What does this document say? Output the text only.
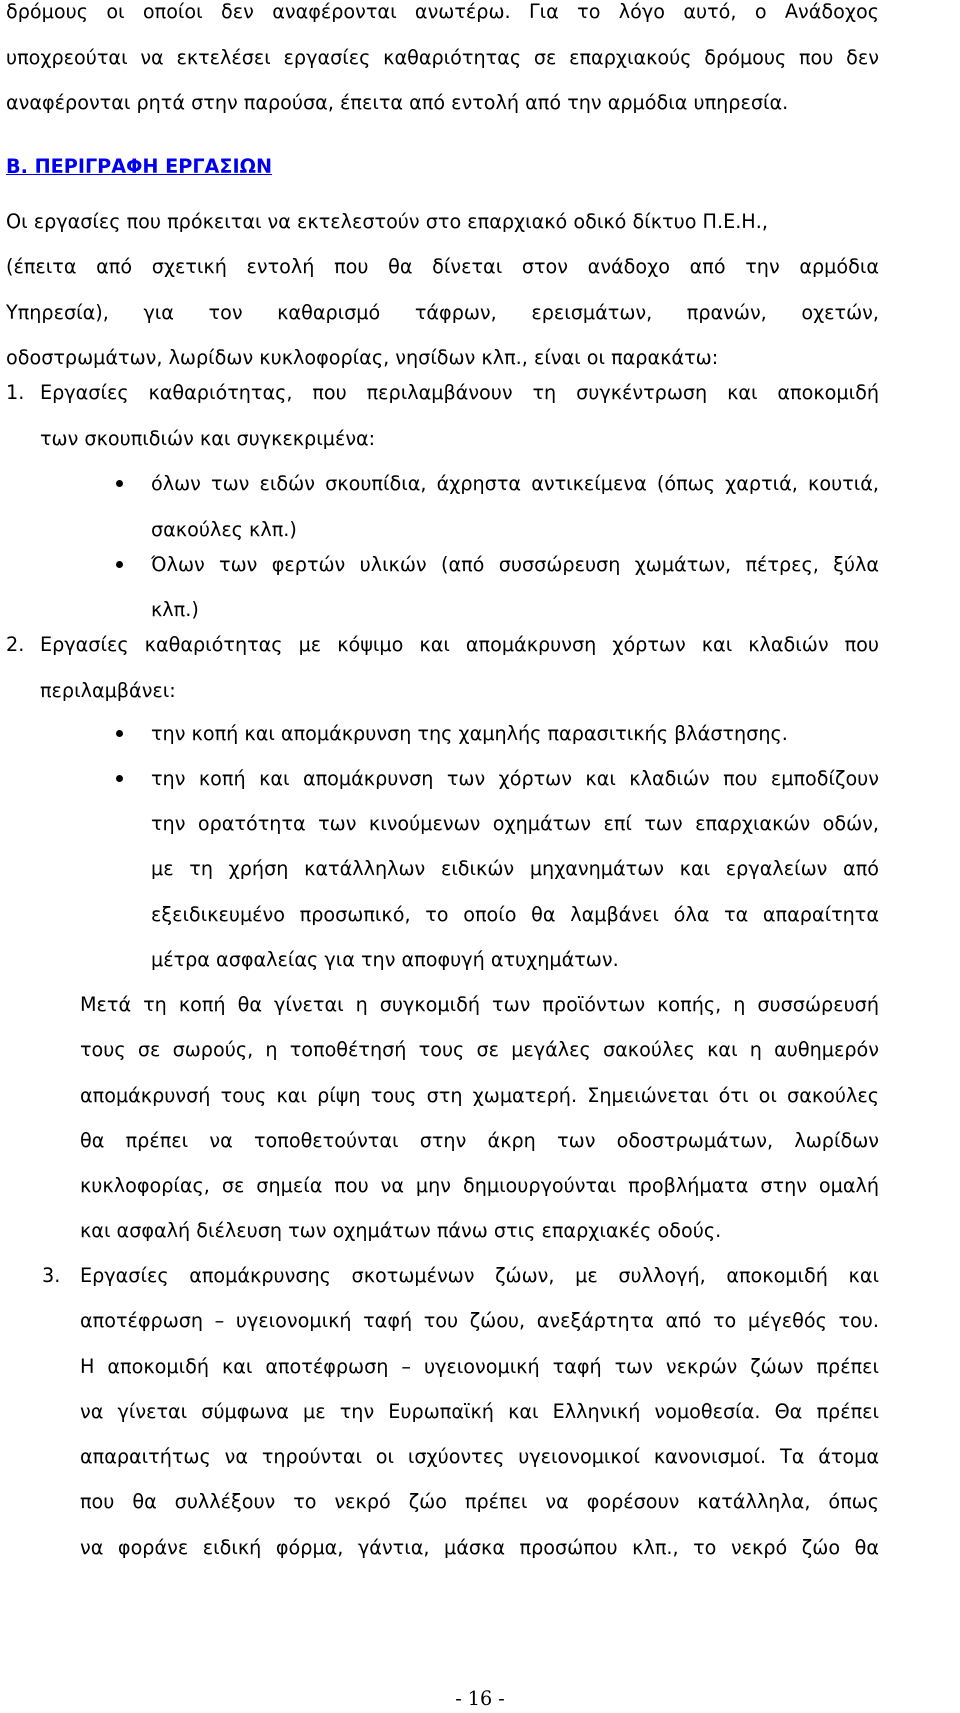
δρόμους οι οποίοι δεν αναφέρονται ανωτέρω. Για το λόγο αυτό, ο Ανάδοχος
υποχρεούται να εκτελέσει εργασίες καθαριότητας σε επαρχιακούς δρόμους που δεν
αναφέρονται ρητά στην παρούσα, έπειτα από εντολή από την αρμόδια υπηρεσία.
Β. ΠΕΡΙΓΡΑΦΗ ΕΡΓΑΣΙΩΝ
Οι εργασίες που πρόκειται να εκτελεστούν στο επαρχιακό οδικό δίκτυο Π.Ε.Η.,
(έπειτα από σχετική εντολή που θα δίνεται στον ανάδοχο από την αρμόδια
Υπηρεσία), για τον καθαρισμό τάφρων, ερεισμάτων, πρανών, οχετών,
οδοστρωμάτων, λωρίδων κυκλοφορίας, νησίδων κλπ., είναι οι παρακάτω:
1. Εργασίες καθαριότητας, που περιλαμβάνουν τη συγκέντρωση και αποκομιδή
των σκουπιδιών και συγκεκριμένα:
όλων των ειδών σκουπίδια, άχρηστα αντικείμενα (όπως χαρτιά, κουτιά,
σακούλες κλπ.)
Όλων των φερτών υλικών (από συσσώρευση χωμάτων, πέτρες, ξύλα
κλπ.)
2. Εργασίες καθαριότητας με κόψιμο και απομάκρυνση χόρτων και κλαδιών που
περιλαμβάνει:
την κοπή και απομάκρυνση της χαμηλής παρασιτικής βλάστησης.
την κοπή και απομάκρυνση των χόρτων και κλαδιών που εμποδίζουν
την ορατότητα των κινούμενων οχημάτων επί των επαρχιακών οδών,
με τη χρήση κατάλληλων ειδικών μηχανημάτων και εργαλείων από
εξειδικευμένο προσωπικό, το οποίο θα λαμβάνει όλα τα απαραίτητα
μέτρα ασφαλείας για την αποφυγή ατυχημάτων.
Μετά τη κοπή θα γίνεται η συγκομιδή των προϊόντων κοπής, η συσσώρευσή
τους σε σωρούς, η τοποθέτησή τους σε μεγάλες σακούλες και η αυθημερόν
απομάκρυνσή τους και ρίψη τους στη χωματερή. Σημειώνεται ότι οι σακούλες
θα πρέπει να τοποθετούνται στην άκρη των οδοστρωμάτων, λωρίδων
κυκλοφορίας, σε σημεία που να μην δημιουργούνται προβλήματα στην ομαλή
και ασφαλή διέλευση των οχημάτων πάνω στις επαρχιακές οδούς.
3. Εργασίες απομάκρυνσης σκοτωμένων ζώων, με συλλογή, αποκομιδή και
αποτέφρωση – υγειονομική ταφή του ζώου, ανεξάρτητα από το μέγεθός του.
Η αποκομιδή και αποτέφρωση – υγειονομική ταφή των νεκρών ζώων πρέπει
να γίνεται σύμφωνα με την Ευρωπαϊκή και Ελληνική νομοθεσία. Θα πρέπει
απαραιτήτως να τηρούνται οι ισχύοντες υγειονομικοί κανονισμοί. Τα άτομα
που θα συλλέξουν το νεκρό ζώο πρέπει να φορέσουν κατάλληλα, όπως
να φοράνε ειδική φόρμα, γάντια, μάσκα προσώπου κλπ., το νεκρό ζώο θα
- 16 -
